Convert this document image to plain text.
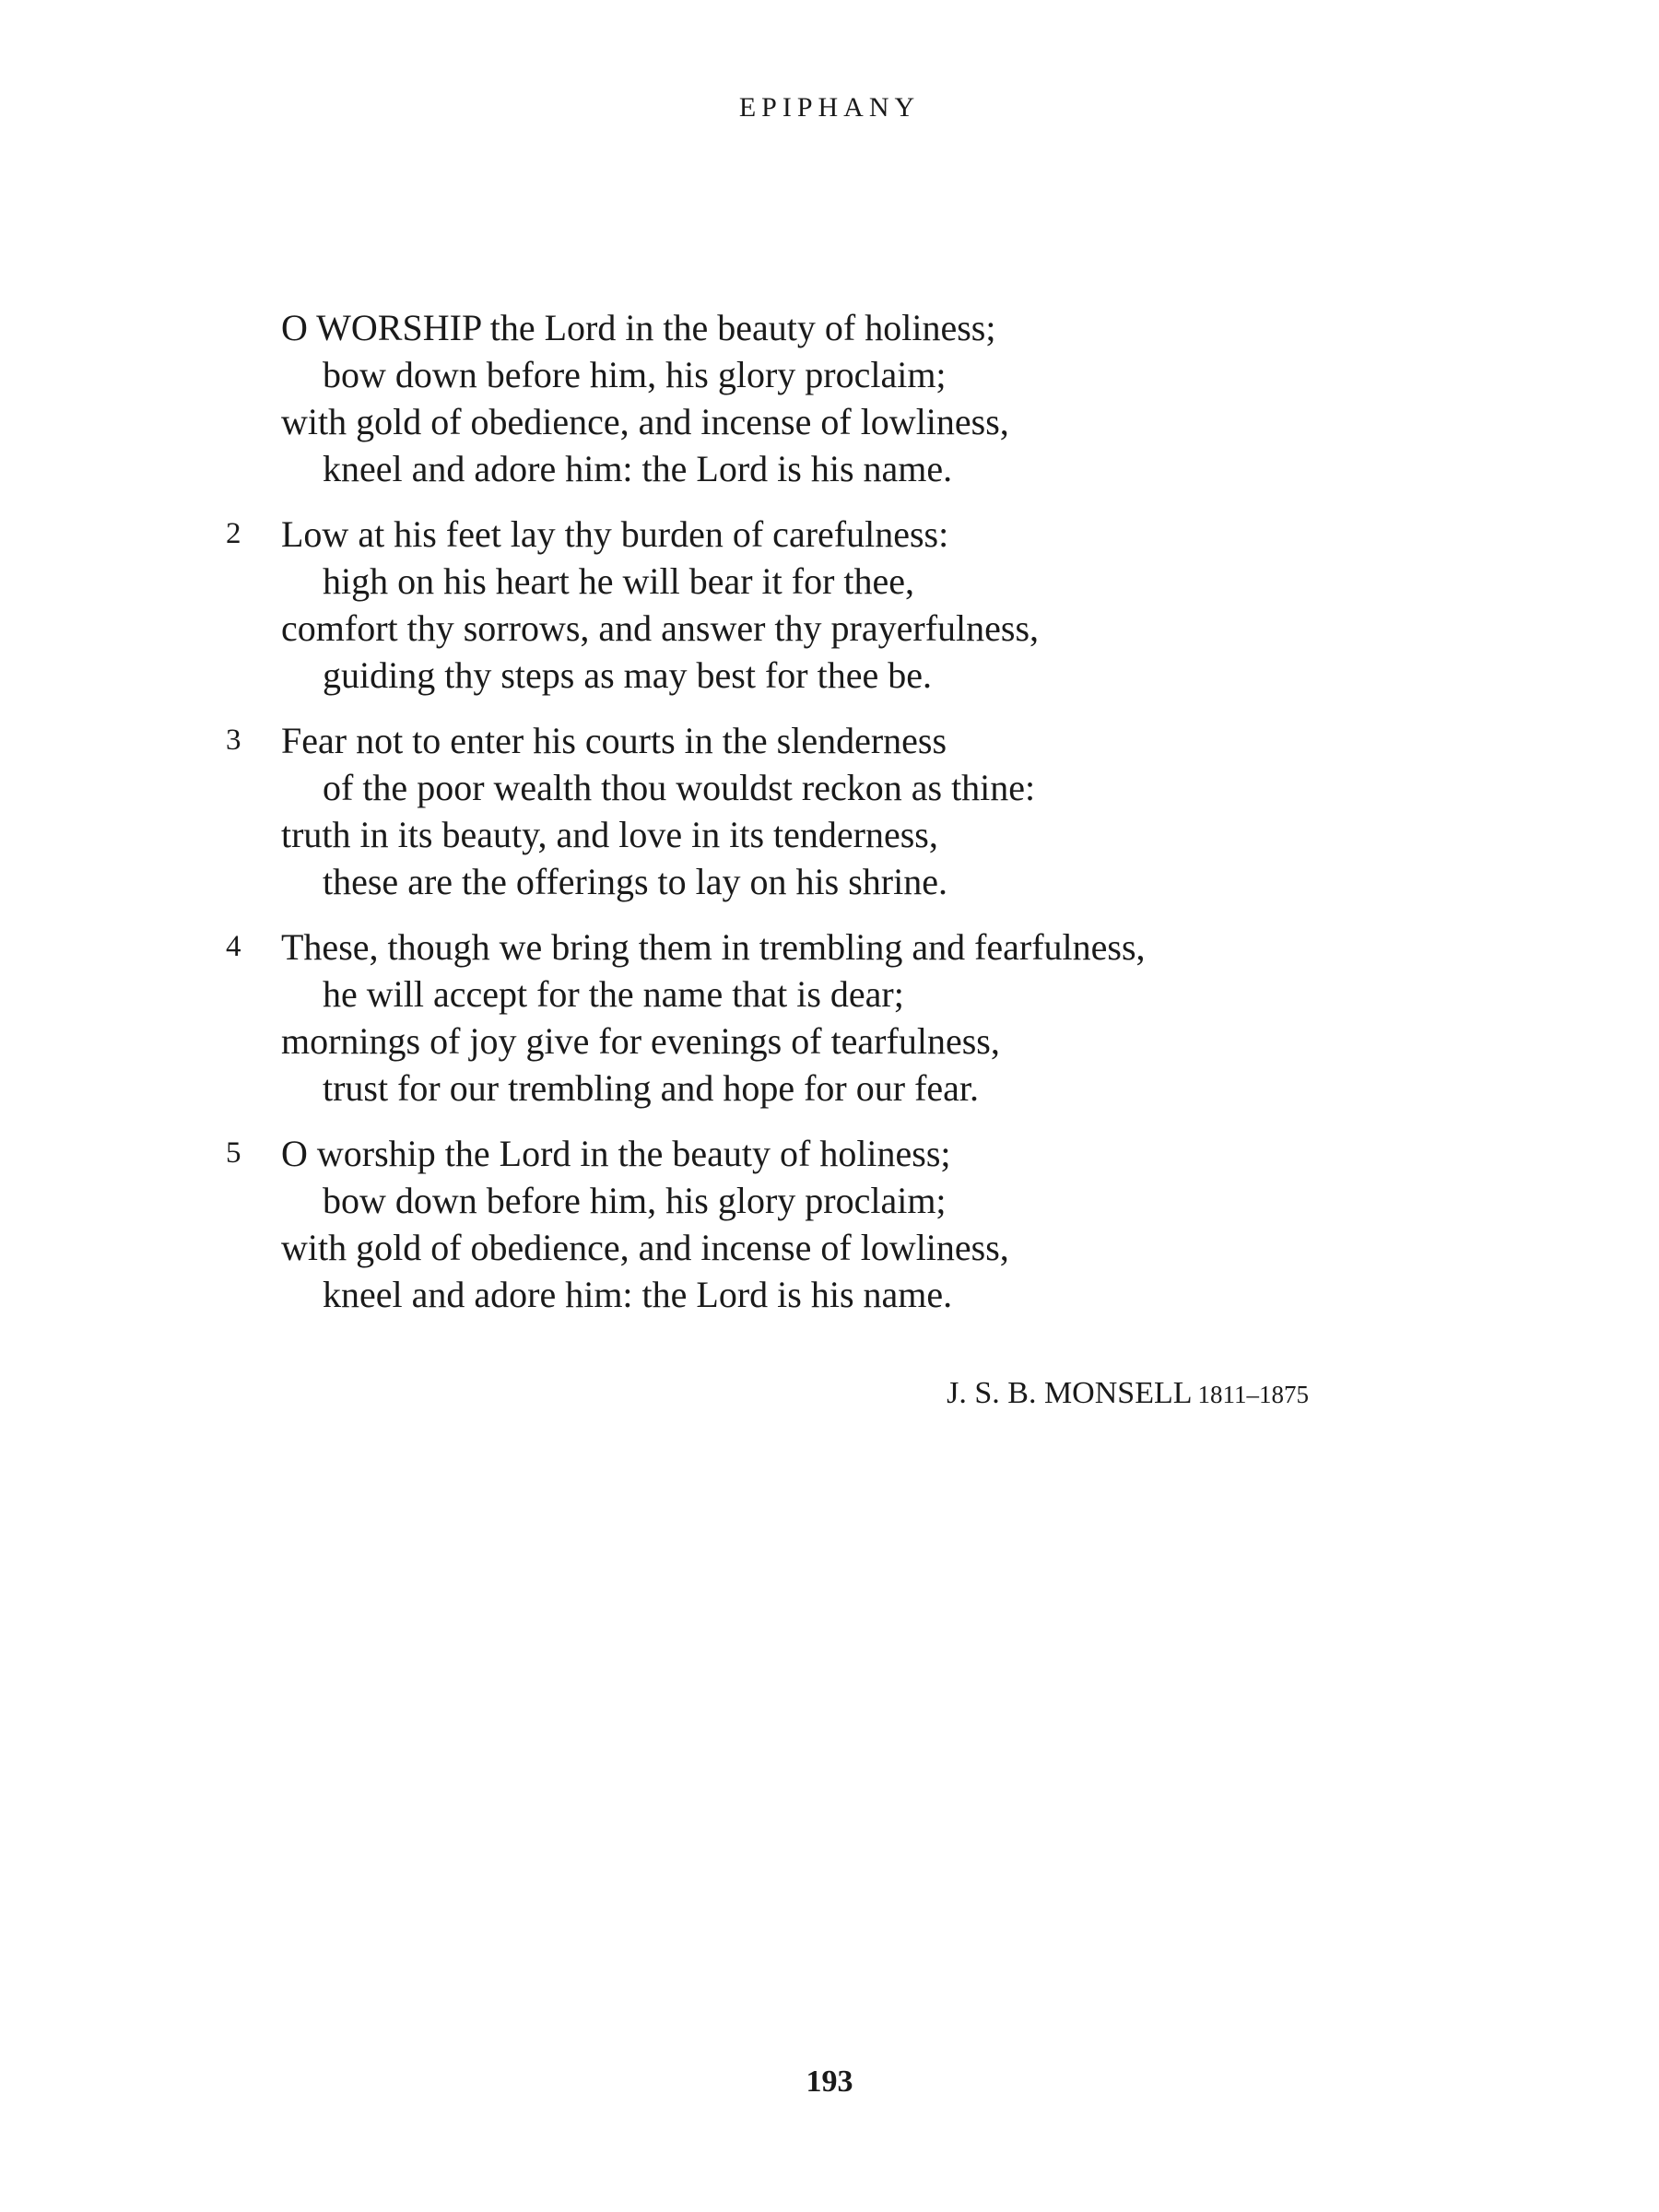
EPIPHANY
O WORSHIP the Lord in the beauty of holiness;
bow down before him, his glory proclaim;
with gold of obedience, and incense of lowliness,
kneel and adore him: the Lord is his name.
2 Low at his feet lay thy burden of carefulness:
high on his heart he will bear it for thee,
comfort thy sorrows, and answer thy prayerfulness,
guiding thy steps as may best for thee be.
3 Fear not to enter his courts in the slenderness
of the poor wealth thou wouldst reckon as thine:
truth in its beauty, and love in its tenderness,
these are the offerings to lay on his shrine.
4 These, though we bring them in trembling and fearfulness,
he will accept for the name that is dear;
mornings of joy give for evenings of tearfulness,
trust for our trembling and hope for our fear.
5 O worship the Lord in the beauty of holiness;
bow down before him, his glory proclaim;
with gold of obedience, and incense of lowliness,
kneel and adore him: the Lord is his name.
J. S. B. MONSELL 1811–1875
193
